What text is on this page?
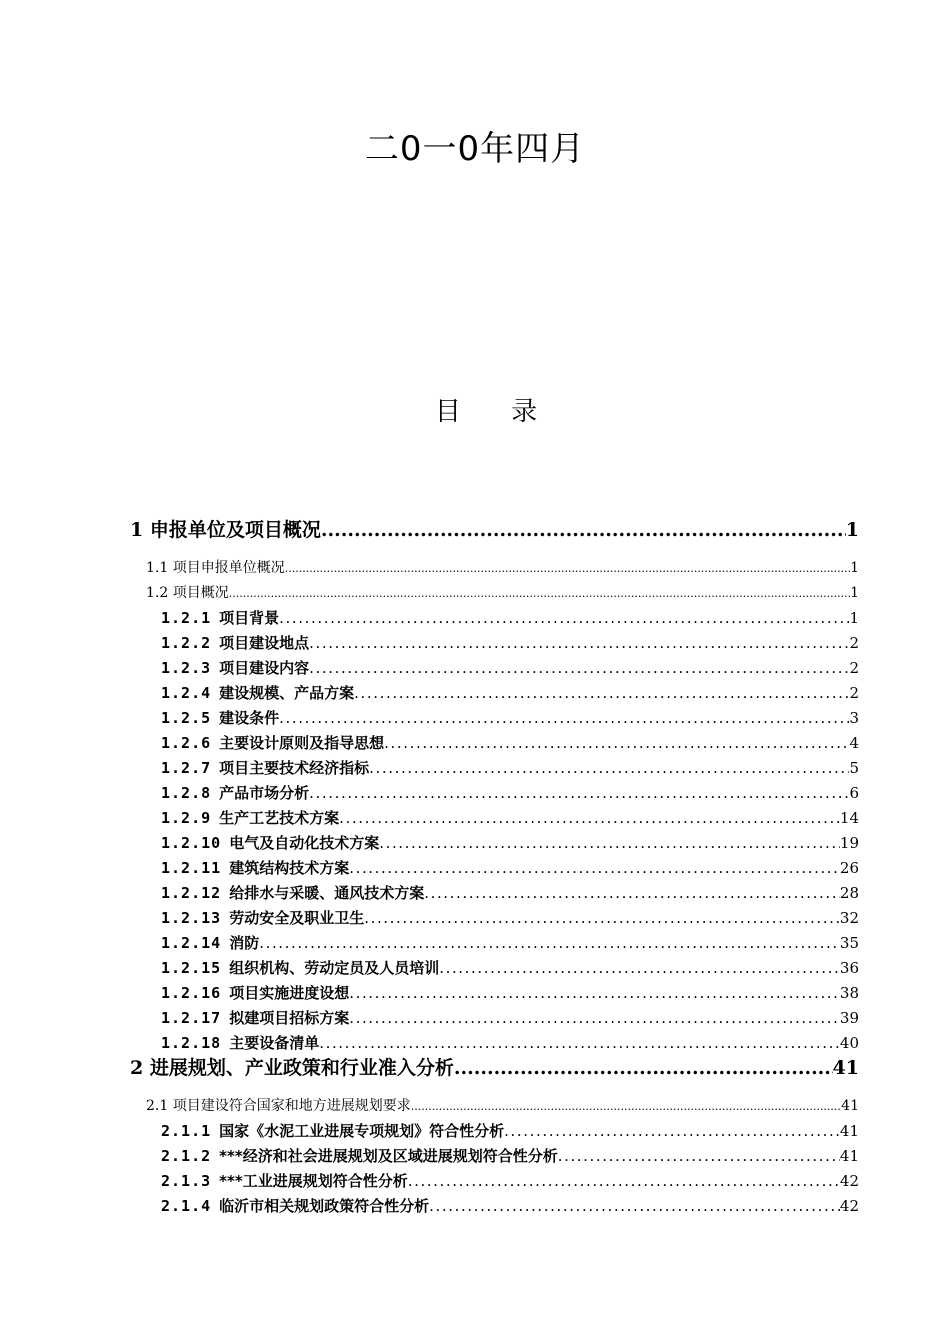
二0一0年四月
目 录
1 申报单位及项目概况 .....	1
1.1 项目申报单位概况 .....	1
1.2 项目概况 .....	1
1.2.1 项目背景 .....	1
1.2.2 项目建设地点 .....	2
1.2.3 项目建设内容 .....	2
1.2.4 建设规模、产品方案 .....	2
1.2.5 建设条件 .....	3
1.2.6 主要设计原则及指导思想 .....	4
1.2.7 项目主要技术经济指标 .....	5
1.2.8 产品市场分析 .....	6
1.2.9 生产工艺技术方案 .....	14
1.2.10 电气及自动化技术方案 .....	19
1.2.11 建筑结构技术方案 .....	26
1.2.12 给排水与采暖、通风技术方案 .....	28
1.2.13 劳动安全及职业卫生 .....	32
1.2.14 消防 .....	35
1.2.15 组织机构、劳动定员及人员培训 .....	36
1.2.16 项目实施进度设想 .....	38
1.2.17 拟建项目招标方案 .....	39
1.2.18 主要设备清单 .....	40
2 进展规划、产业政策和行业准入分析 .....	41
2.1 项目建设符合国家和地方进展规划要求 .....	41
2.1.1 国家《水泥工业进展专项规划》符合性分析 .....	41
2.1.2 ***经济和社会进展规划及区域进展规划符合性分析 .....	41
2.1.3 ***工业进展规划符合性分析 .....	42
2.1.4 临沂市相关规划政策符合性分析 .....	42
